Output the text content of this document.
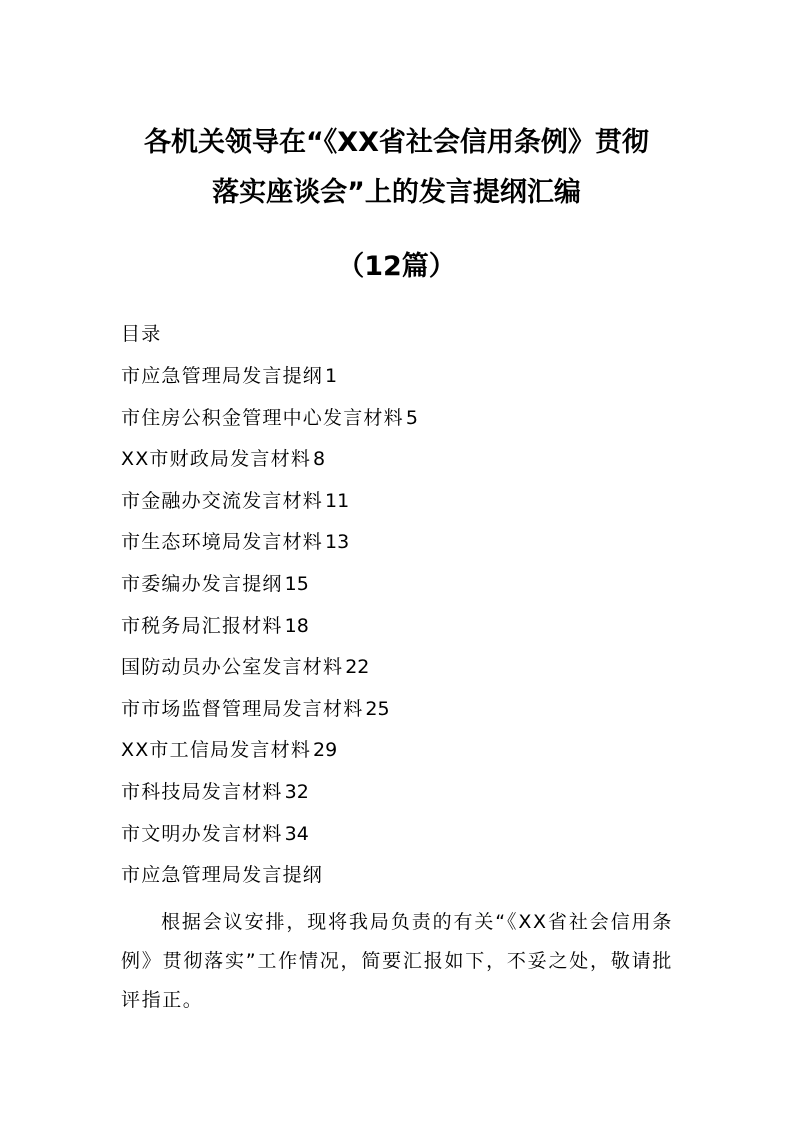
各机关领导在“《XX省社会信用条例》贯彻
落实座谈会”上的发言提纲汇编
（12篇）
目录
市应急管理局发言提纲 1
市住房公积金管理中心发言材料 5
XX市财政局发言材料 8
市金融办交流发言材料 11
市生态环境局发言材料 13
市委编办发言提纲 15
市税务局汇报材料 18
国防动员办公室发言材料 22
市市场监督管理局发言材料 25
XX市工信局发言材料 29
市科技局发言材料 32
市文明办发言材料 34
市应急管理局发言提纲

根据会议安排，现将我局负责的有关“《XX省社会信用条例》贯彻落实”工作情况，简要汇报如下，不妥之处，敬请批评指正。
